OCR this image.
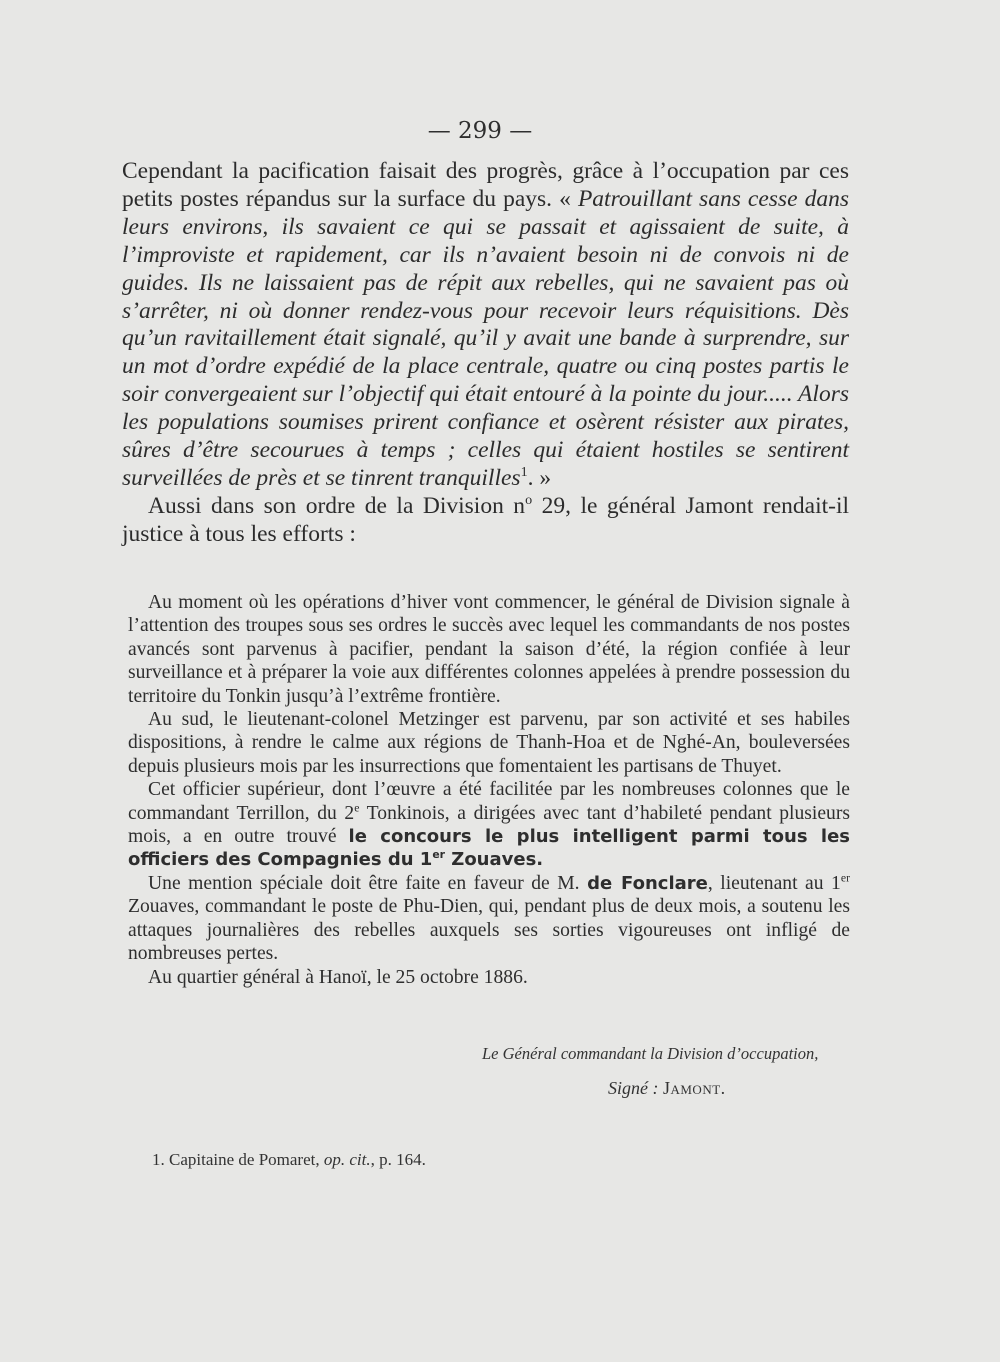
— 299 —

Cependant la pacification faisait des progrès, grâce à l’occupation par ces petits postes répandus sur la surface du pays. « Patrouillant sans cesse dans leurs environs, ils savaient ce qui se passait et agissaient de suite, à l’improviste et rapidement, car ils n’avaient besoin ni de convois ni de guides. Ils ne laissaient pas de répit aux rebelles, qui ne savaient pas où s’arrêter, ni où donner rendez-vous pour recevoir leurs réquisitions. Dès qu’un ravitaillement était signalé, qu’il y avait une bande à surprendre, sur un mot d’ordre expédié de la place centrale, quatre ou cinq postes partis le soir convergeaient sur l’objectif qui était entouré à la pointe du jour..... Alors les populations soumises prirent confiance et osèrent résister aux pirates, sûres d’être secourues à temps ; celles qui étaient hostiles se sentirent surveillées de près et se tinrent tranquilles$^1$. »

Aussi dans son ordre de la Division $n^o$ 29, le général Jamont rendait-il justice à tous les efforts :

Au moment où les opérations d’hiver vont commencer, le général de Division signale à l’attention des troupes sous ses ordres le succès avec lequel les commandants de nos postes avancés sont parvenus à pacifier, pendant la saison d’été, la région confiée à leur surveillance et à préparer la voie aux différentes colonnes appelées à prendre possession du territoire du Tonkin jusqu’à l’extrême frontière.

Au sud, le lieutenant-colonel Metzinger est parvenu, par son activité et ses habiles dispositions, à rendre le calme aux régions de Thanh-Hoa et de Nghé-An, bouleversées depuis plusieurs mois par les insurrections que fomentaient les partisans de Thuyet.

Cet officier supérieur, dont l’œuvre a été facilitée par les nombreuses colonnes que le commandant Terrillon, du 2e Tonkinois, a dirigées avec tant d’habileté pendant plusieurs mois, a en outre trouvé le concours le plus intelligent parmi tous les officiers des Compagnies du 1er Zouaves.

Une mention spéciale doit être faite en faveur de M. de Fonclare, lieutenant au 1er Zouaves, commandant le poste de Phu-Dien, qui, pendant plus de deux mois, a soutenu les attaques journalières des rebelles auxquels ses sorties vigoureuses ont infligé de nombreuses pertes.

Au quartier général à Hanoï, le 25 octobre 1886.

Le Général commandant la Division d’occupation,
Signé : Jamont.
1. Capitaine de Pomaret, op. cit., p. 164.
